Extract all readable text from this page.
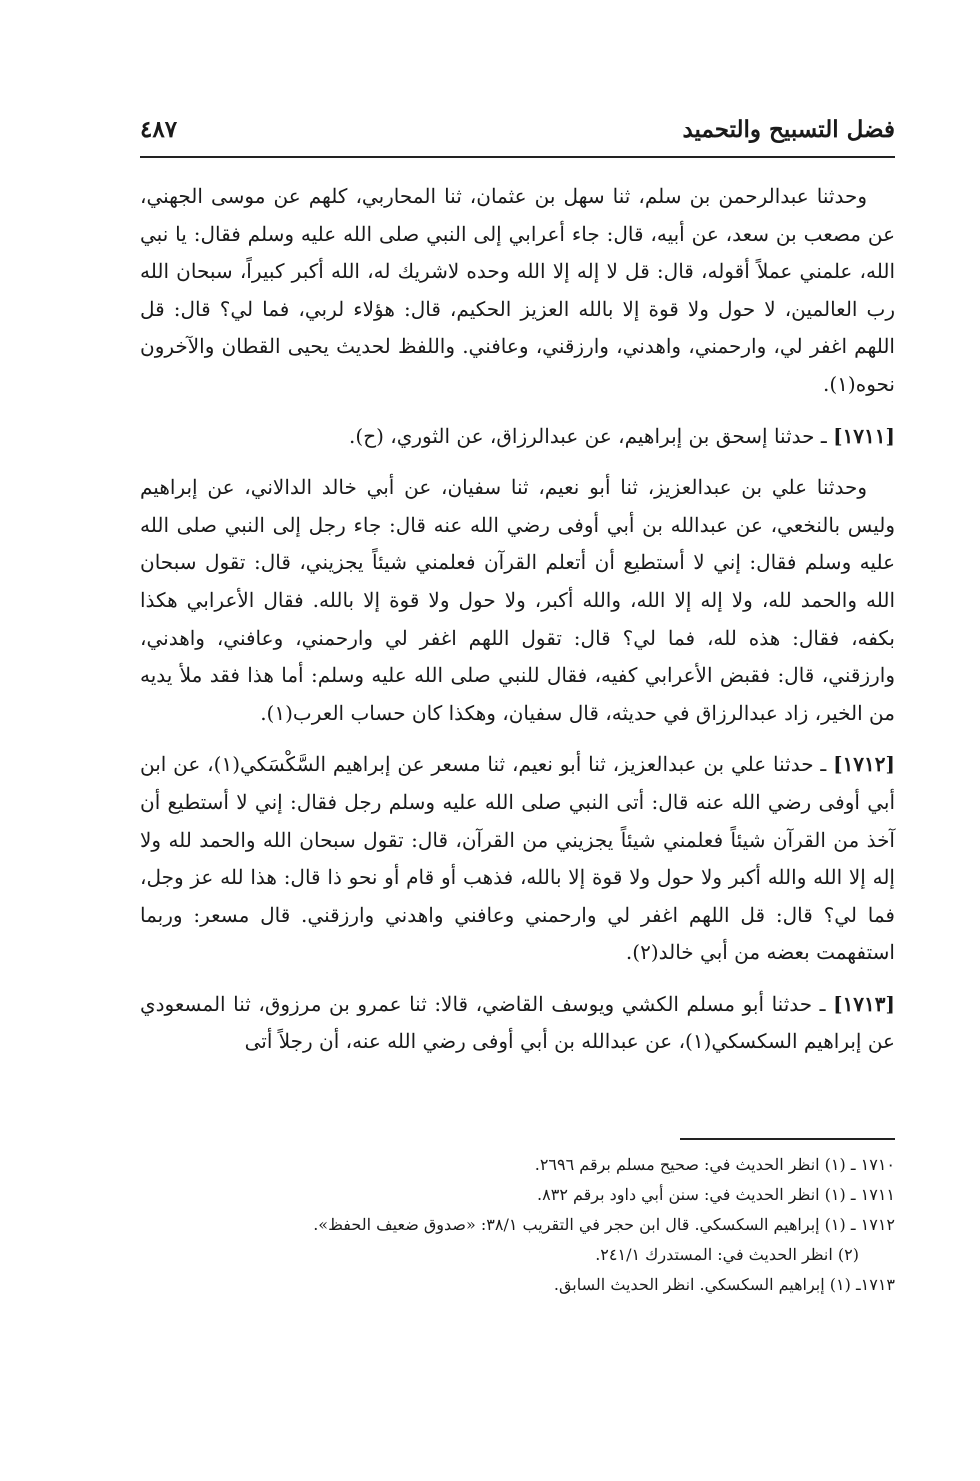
فضل التسبيح والتحميد
٤٨٧

وحدثنا عبدالرحمن بن سلم، ثنا سهل بن عثمان، ثنا المحاربي، كلهم عن موسى الجهني، عن مصعب بن سعد، عن أبيه، قال: جاء أعرابي إلى النبي صلى الله عليه وسلم فقال: يا نبي الله، علمني عملاً أقوله، قال: قل لا إله إلا الله وحده لاشريك له، الله أكبر كبيراً، سبحان الله رب العالمين، لا حول ولا قوة إلا بالله العزيز الحكيم، قال: هؤلاء لربي، فما لي؟ قال: قل اللهم اغفر لي، وارحمني، واهدني، وارزقني، وعافني. واللفظ لحديث يحيى القطان والآخرون نحوه(١).

[١٧١١] ـ حدثنا إسحق بن إبراهيم، عن عبدالرزاق، عن الثوري، (ح).

وحدثنا علي بن عبدالعزيز، ثنا أبو نعيم، ثنا سفيان، عن أبي خالد الدالاني، عن إبراهيم وليس بالنخعي، عن عبدالله بن أبي أوفى رضي الله عنه قال: جاء رجل إلى النبي صلى الله عليه وسلم فقال: إني لا أستطيع أن أتعلم القرآن فعلمني شيئاً يجزيني، قال: تقول سبحان الله والحمد لله، ولا إله إلا الله، والله أكبر، ولا حول ولا قوة إلا بالله. فقال الأعرابي هكذا بكفه، فقال: هذه لله، فما لي؟ قال: تقول اللهم اغفر لي وارحمني، وعافني، واهدني، وارزقني، قال: فقبض الأعرابي كفيه، فقال للنبي صلى الله عليه وسلم: أما هذا فقد ملأ يديه من الخير، زاد عبدالرزاق في حديثه، قال سفيان، وهكذا كان حساب العرب(١).

[١٧١٢] ـ حدثنا علي بن عبدالعزيز، ثنا أبو نعيم، ثنا مسعر عن إبراهيم السَّكْسَكي(١)، عن ابن أبي أوفى رضي الله عنه قال: أتى النبي صلى الله عليه وسلم رجل فقال: إني لا أستطيع أن آخذ من القرآن شيئاً فعلمني شيئاً يجزيني من القرآن، قال: تقول سبحان الله والحمد لله ولا إله إلا الله والله أكبر ولا حول ولا قوة إلا بالله، فذهب أو قام أو نحو ذا قال: هذا لله عز وجل، فما لي؟ قال: قل اللهم اغفر لي وارحمني وعافني واهدني وارزقني. قال مسعر: وربما استفهمت بعضه من أبي خالد(٢).

[١٧١٣] ـ حدثنا أبو مسلم الكشي ويوسف القاضي، قالا: ثنا عمرو بن مرزوق، ثنا المسعودي عن إبراهيم السكسكي(١)، عن عبدالله بن أبي أوفى رضي الله عنه، أن رجلاً أتى

١٧١٠ ـ (١) انظر الحديث في: صحيح مسلم برقم ٢٦٩٦.

١٧١١ ـ (١) انظر الحديث في: سنن أبي داود برقم ٨٣٢.

١٧١٢ ـ (١) إبراهيم السكسكي. قال ابن حجر في التقريب ٣٨/١: «صدوق ضعيف الحفظ».

(٢) انظر الحديث في: المستدرك ٢٤١/١.

١٧١٣ـ (١) إبراهيم السكسكي. انظر الحديث السابق.
